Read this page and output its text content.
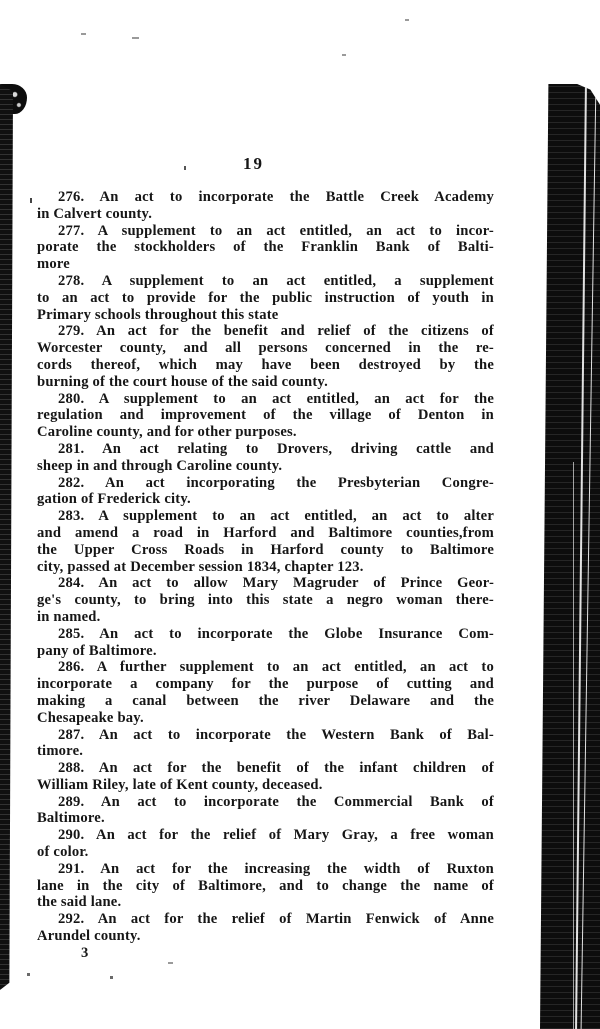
19
276. An act to incorporate the Battle Creek Academy
in Calvert county.
277. A supplement to an act entitled, an act to incor-
porate the stockholders of the Franklin Bank of Balti-
more
278. A supplement to an act entitled, a supplement
to an act to provide for the public instruction of youth in
Primary schools throughout this state
279. An act for the benefit and relief of the citizens of
Worcester county, and all persons concerned in the re-
cords thereof, which may have been destroyed by the
burning of the court house of the said county.
280. A supplement to an act entitled, an act for the
regulation and improvement of the village of Denton in
Caroline county, and for other purposes.
281. An act relating to Drovers, driving cattle and
sheep in and through Caroline county.
282. An act incorporating the Presbyterian Congre-
gation of Frederick city.
283. A supplement to an act entitled, an act to alter
and amend a road in Harford and Baltimore counties,from
the Upper Cross Roads in Harford county to Baltimore
city, passed at December session 1834, chapter 123.
284. An act to allow Mary Magruder of Prince Geor-
ge's county, to bring into this state a negro woman there-
in named.
285. An act to incorporate the Globe Insurance Com-
pany of Baltimore.
286. A further supplement to an act entitled, an act to
incorporate a company for the purpose of cutting and
making a canal between the river Delaware and the
Chesapeake bay.
287. An act to incorporate the Western Bank of Bal-
timore.
288. An act for the benefit of the infant children of
William Riley, late of Kent county, deceased.
289. An act to incorporate the Commercial Bank of
Baltimore.
290. An act for the relief of Mary Gray, a free woman
of color.
291. An act for the increasing the width of Ruxton
lane in the city of Baltimore, and to change the name of
the said lane.
292. An act for the relief of Martin Fenwick of Anne
Arundel county.
3
